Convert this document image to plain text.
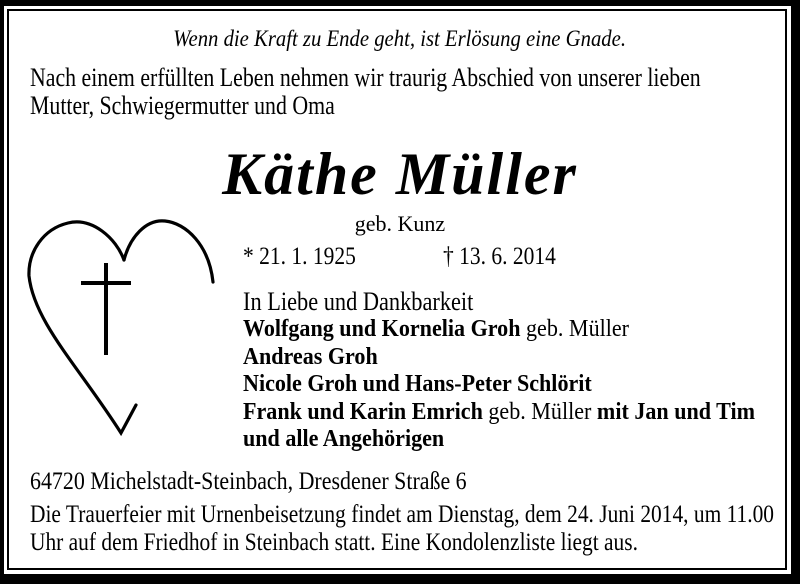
Wenn die Kraft zu Ende geht, ist Erlösung eine Gnade.
Nach einem erfüllten Leben nehmen wir traurig Abschied von unserer lieben Mutter, Schwiegermutter und Oma
Käthe Müller
geb. Kunz
* 21. 1. 1925	† 13. 6. 2014
In Liebe und Dankbarkeit
Wolfgang und Kornelia Groh geb. Müller
Andreas Groh
Nicole Groh und Hans-Peter Schlörit
Frank und Karin Emrich geb. Müller mit Jan und Tim
und alle Angehörigen
64720 Michelstadt-Steinbach, Dresdener Straße 6
Die Trauerfeier mit Urnenbeisetzung findet am Dienstag, dem 24. Juni 2014, um 11.00 Uhr auf dem Friedhof in Steinbach statt. Eine Kondolenzliste liegt aus.
